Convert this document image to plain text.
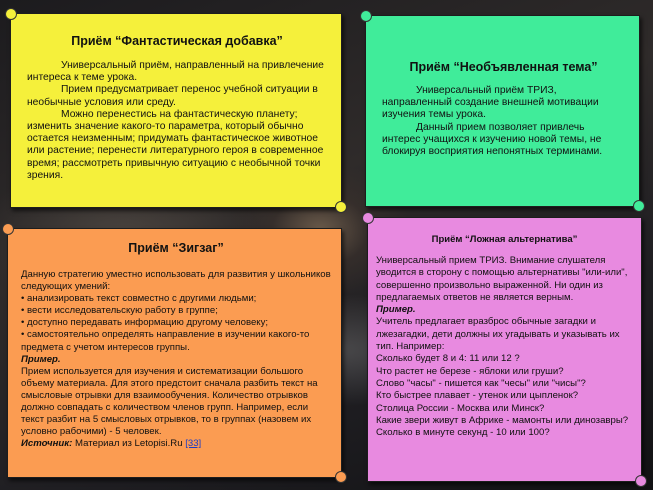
Приём “Фантастическая добавка”

Универсальный приём, направленный на привлечение интереса к теме урока.

Прием предусматривает перенос учебной ситуации в необычные условия или среду.

Можно перенестись на фантастическую планету; изменить значение какого-то параметра, который обычно остается неизменным; придумать фантастическое животное или растение; перенести литературного героя в современное время; рассмотреть привычную ситуацию с необычной точки зрения.

Приём “Необъявленная тема”

Универсальный приём ТРИЗ, направленный создание внешней мотивации изучения темы урока.

Данный прием позволяет привлечь интерес учащихся к изучению новой темы, не блокируя восприятия непонятных терминами.

Приём “Зигзаг”

Данную стратегию уместно использовать для развития у школьников следующих умений:

• анализировать текст совместно с другими людьми;

• вести исследовательскую работу в группе;

• доступно передавать информацию другому человеку;

• самостоятельно определять направление в изучении какого-то предмета с учетом интересов группы.

Пример.

Прием используется для изучения и систематизации большого объему материала. Для этого предстоит сначала разбить текст на смысловые отрывки для взаимообучения. Количество отрывков должно совпадать с количеством членов групп. Например, если текст разбит на 5 смысловых отрывков, то в группах (назовем их условно рабочими) - 5 человек.

Источник: Материал из Letopisi.Ru [33]

Приём “Ложная альтернатива”

Универсальный прием ТРИЗ. Внимание слушателя уводится в сторону с помощью альтернативы "или-или", совершенно произвольно выраженной. Ни один из предлагаемых ответов не является верным.

Пример.

Учитель предлагает вразброс обычные загадки и лжезагадки, дети должны их угадывать и указывать их тип. Например:

Сколько будет 8 и 4: 11 или 12 ?

Что растет не березе - яблоки или груши?

Слово "часы" - пишется как "чесы" или "чисы"?

Кто быстрее плавает - утенок или цыпленок?

Столица России - Москва или Минск?

Какие звери живут в Африке - мамонты или динозавры?

Сколько в минуте секунд - 10 или 100?
